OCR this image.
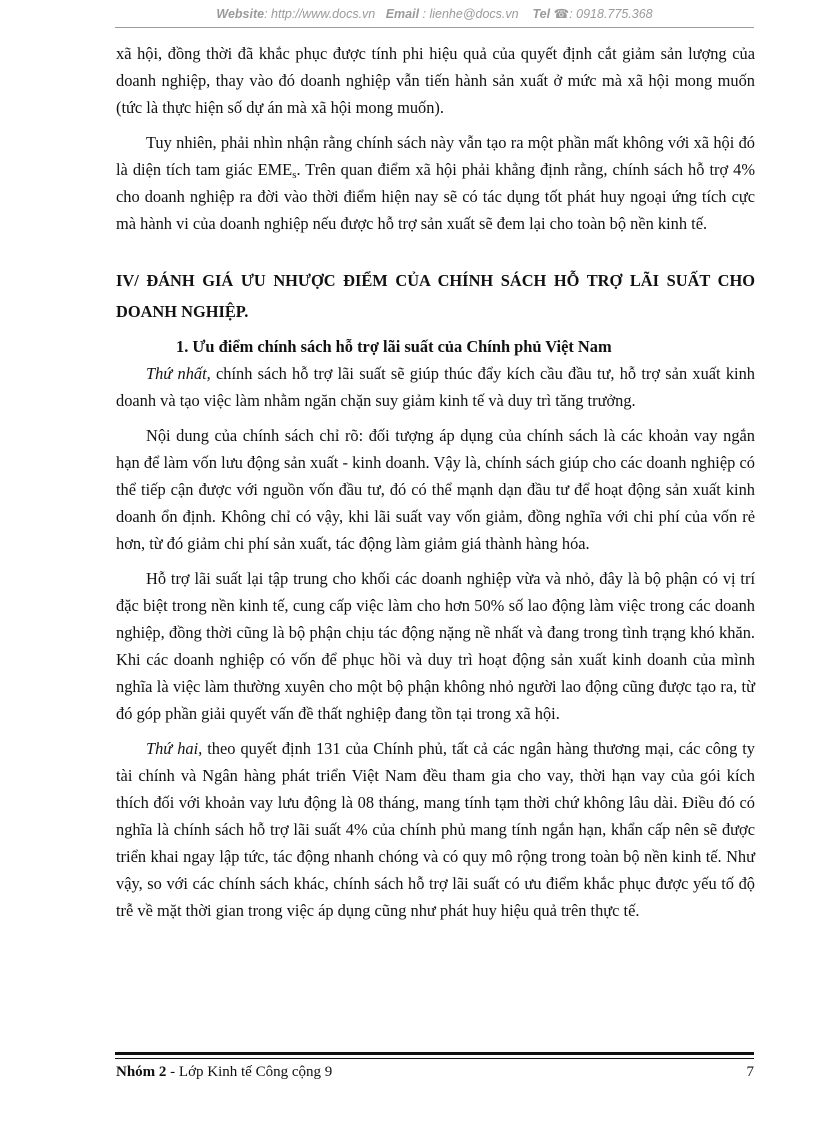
Website: http://www.docs.vn Email : lienhe@docs.vn Tel ☎: 0918.775.368

xã hội, đồng thời đã khắc phục được tính phi hiệu quả của quyết định cắt giảm sản lượng của doanh nghiệp, thay vào đó doanh nghiệp vẫn tiến hành sản xuất ở mức mà xã hội mong muốn (tức là thực hiện số dự án mà xã hội mong muốn).

Tuy nhiên, phải nhìn nhận rằng chính sách này vẫn tạo ra một phần mất không với xã hội đó là diện tích tam giác $EME_s$. Trên quan điểm xã hội phải khẳng định rằng, chính sách hỗ trợ 4% cho doanh nghiệp ra đời vào thời điểm hiện nay sẽ có tác dụng tốt phát huy ngoại ứng tích cực mà hành vi của doanh nghiệp nếu được hỗ trợ sản xuất sẽ đem lại cho toàn bộ nền kinh tế.

IV/ ĐÁNH GIÁ ƯU NHƯỢC ĐIỂM CỦA CHÍNH SÁCH HỖ TRỢ LÃI SUẤT CHO DOANH NGHIỆP.

1. Ưu điểm chính sách hỗ trợ lãi suất của Chính phủ Việt Nam

Thứ nhất, chính sách hỗ trợ lãi suất sẽ giúp thúc đẩy kích cầu đầu tư, hỗ trợ sản xuất kinh doanh và tạo việc làm nhằm ngăn chặn suy giảm kinh tế và duy trì tăng trưởng.

Nội dung của chính sách chỉ rõ: đối tượng áp dụng của chính sách là các khoản vay ngắn hạn để làm vốn lưu động sản xuất - kinh doanh. Vậy là, chính sách giúp cho các doanh nghiệp có thể tiếp cận được với nguồn vốn đầu tư, đó có thể mạnh dạn đầu tư để hoạt động sản xuất kinh doanh ổn định. Không chỉ có vậy, khi lãi suất vay vốn giảm, đồng nghĩa với chi phí của vốn rẻ hơn, từ đó giảm chi phí sản xuất, tác động làm giảm giá thành hàng hóa.

Hỗ trợ lãi suất lại tập trung cho khối các doanh nghiệp vừa và nhỏ, đây là bộ phận có vị trí đặc biệt trong nền kinh tế, cung cấp việc làm cho hơn 50% số lao động làm việc trong các doanh nghiệp, đồng thời cũng là bộ phận chịu tác động nặng nề nhất và đang trong tình trạng khó khăn. Khi các doanh nghiệp có vốn để phục hồi và duy trì hoạt động sản xuất kinh doanh của mình nghĩa là việc làm thường xuyên cho một bộ phận không nhỏ người lao động cũng được tạo ra, từ đó góp phần giải quyết vấn đề thất nghiệp đang tồn tại trong xã hội.

Thứ hai, theo quyết định 131 của Chính phủ, tất cả các ngân hàng thương mại, các công ty tài chính và Ngân hàng phát triển Việt Nam đều tham gia cho vay, thời hạn vay của gói kích thích đối với khoản vay lưu động là 08 tháng, mang tính tạm thời chứ không lâu dài. Điều đó có nghĩa là chính sách hỗ trợ lãi suất 4% của chính phủ mang tính ngắn hạn, khẩn cấp nên sẽ được triển khai ngay lập tức, tác động nhanh chóng và có quy mô rộng trong toàn bộ nền kinh tế. Như vậy, so với các chính sách khác, chính sách hỗ trợ lãi suất có ưu điểm khắc phục được yếu tố độ trễ về mặt thời gian trong việc áp dụng cũng như phát huy hiệu quả trên thực tế.

Nhóm 2 - Lớp Kinh tế Công cộng 9	7
